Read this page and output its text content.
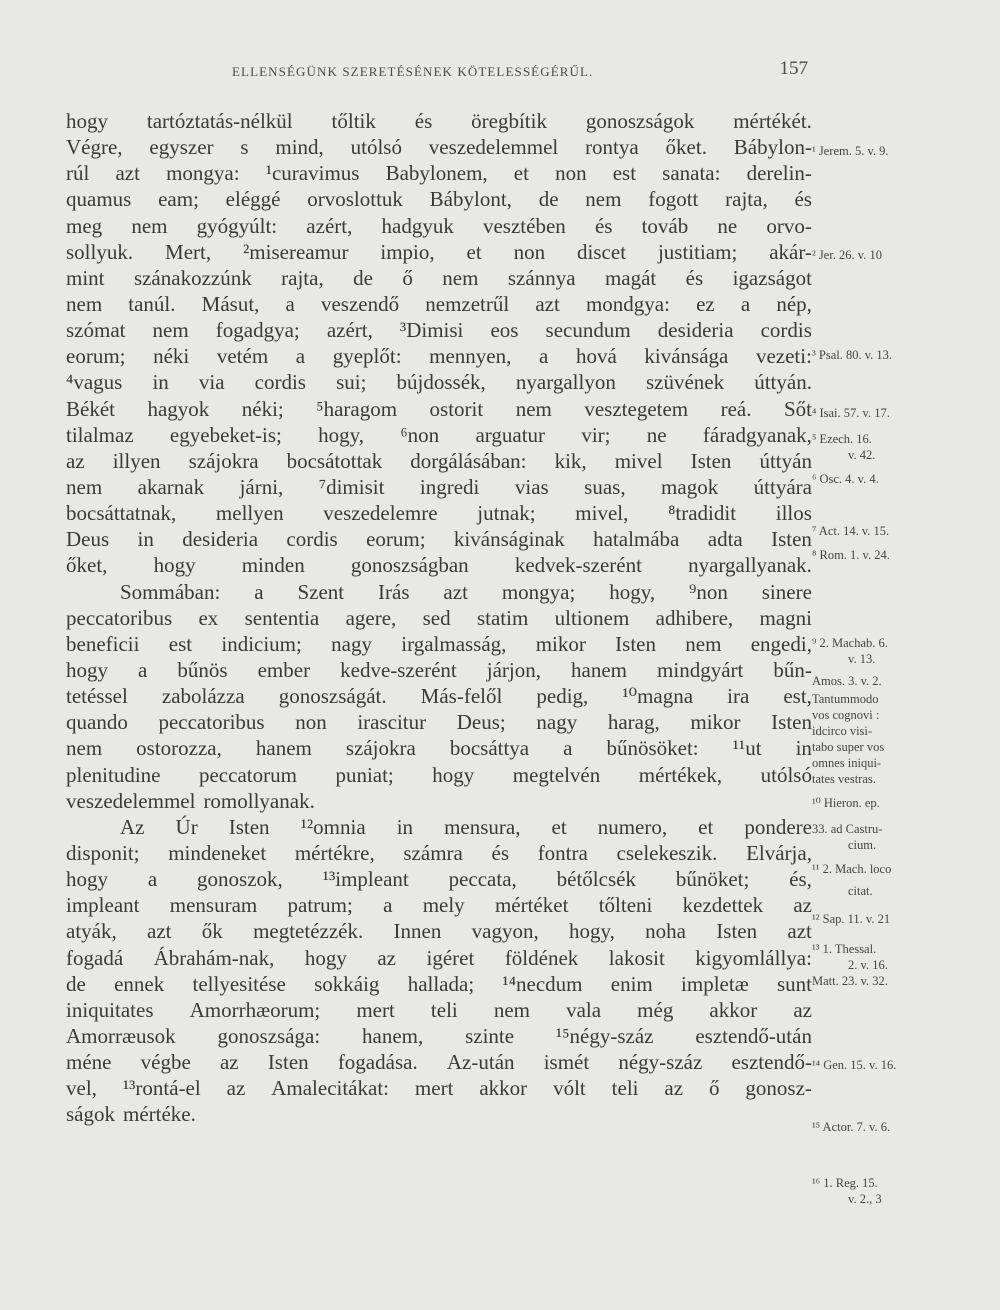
ELLENSÉGÜNK SZERETÉSÉNEK KÖTELESSÉGÉRŰL.	157
hogy tartóztatás-nélkül tőltik és öregbítik gonoszságok mértékét.
Végre, egyszer s mind, utólsó veszedelemmel rontya őket. Bábylon-
rúl azt mongya: ¹curavimus Babylonem, et non est sanata: derelin-
quamus eam; eléggé orvoslottuk Bábylont, de nem fogott rajta, és
meg nem gyógyúlt: azért, hadgyuk vesztében és továb ne orvo-
sollyuk. Mert, ²misereamur impio, et non discet justitiam; akár-
mint szánakozzúnk rajta, de ő nem szánnya magát és igazságot
nem tanúl. Másut, a veszendő nemzetrűl azt mondgya: ez a nép,
szómat nem fogadgya; azért, ³Dimisi eos secundum desideria cordis
eorum; néki vetém a gyeplőt: mennyen, a hová kivánsága vezeti:
⁴vagus in via cordis sui; bújdossék, nyargallyon szüvének úttyán.
Békét hagyok néki; ⁵haragom ostorit nem vesztegetem reá. Sőt
tilalmaz egyebeket-is; hogy, ⁶non arguatur vir; ne fáradgyanak,
az illyen szájokra bocsátottak dorgálásában: kik, mivel Isten úttyán
nem akarnak járni, ⁷dimisit ingredi vias suas, magok úttyára
bocsáttatnak, mellyen veszedelemre jutnak; mivel, ⁸tradidit illos
Deus in desideria cordis eorum; kivánságinak hatalmába adta Isten
őket, hogy minden gonoszságban kedvek-szerént nyargallyanak.
Sommában: a Szent Irás azt mongya; hogy, ⁹non sinere
peccatoribus ex sententia agere, sed statim ultionem adhibere, magni
beneficii est indicium; nagy irgalmasság, mikor Isten nem engedi,
hogy a bűnös ember kedve-szerént járjon, hanem mindgyárt bűn-
tetéssel zabolázza gonoszságát. Más-felől pedig, ¹⁰magna ira est,
quando peccatoribus non irascitur Deus; nagy harag, mikor Isten
nem ostorozza, hanem szájokra bocsáttya a bűnösöket: ¹¹ut in
plenitudine peccatorum puniat; hogy megtelvén mértékek, utólsó
veszedelemmel romollyanak.
Az Úr Isten ¹²omnia in mensura, et numero, et pondere
disponit; mindeneket mértékre, számra és fontra cselekeszik. Elvárja,
hogy a gonoszok, ¹³impleant peccata, bétőlcsék bűnöket; és,
impleant mensuram patrum; a mely mértéket tőlteni kezdettek az
atyák, azt ők megtetézzék. Innen vagyon, hogy, noha Isten azt
fogadá Ábrahám-nak, hogy az igéret földének lakosit kigyomlállya:
de ennek tellyesitése sokkáig hallada; ¹⁴necdum enim impletæ sunt
iniquitates Amorrhæorum; mert teli nem vala még akkor az
Amorræusok gonoszsága: hanem, szinte ¹⁵négy-száz esztendő-után
méne végbe az Isten fogadása. Az-után ismét négy-száz esztendő-
vel, ¹³rontá-el az Amalecitákat: mert akkor vólt teli az ő gonosz-
ságok mértéke.
¹ Jerem. 5. v. 9.
² Jer. 26. v. 10
³ Psal. 80. v. 13.
⁴ Isai. 57. v. 17.
⁵ Ezech. 16.
v. 42.
⁶ Osc. 4. v. 4.
⁷ Act. 14. v. 15.
⁸ Rom. 1. v. 24.
⁹ 2. Machab. 6.
v. 13.
Amos. 3. v. 2.
Tantummodo
vos cognovi :
idcirco visi-
tabo super vos
omnes iniqui-
tates vestras.
¹⁰ Hieron. ep.
33. ad Castru-
cium.
¹¹ 2. Mach. loco
citat.
¹² Sap. 11. v. 21
¹³ 1. Thessal.
2. v. 16.
Matt. 23. v. 32.
¹⁴ Gen. 15. v. 16.
¹⁵ Actor. 7. v. 6.
¹⁶ 1. Reg. 15.
v. 2., 3
